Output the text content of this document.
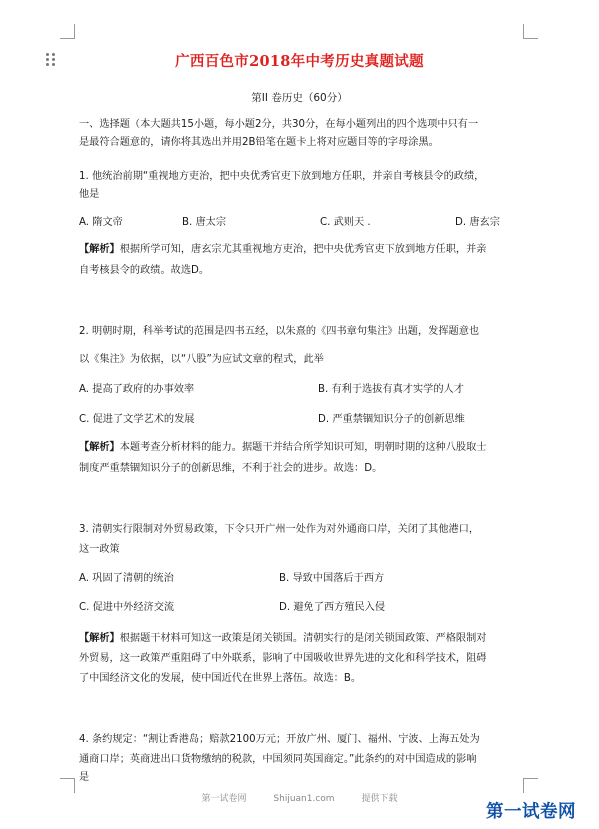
广西百色市2018年中考历史真题试题
第II 卷历史（60分）
一、选择题（本大题共15小题，每小题2分，共30分，在每小题列出的四个选项中只有一
是最符合题意的，请你将其选出并用2B铅笔在题卡上将对应题目等的字母涂黑。
1. 他统治前期“重视地方吏治，把中央优秀官吏下放到地方任职，并亲自考核县令的政绩，
他是
A. 隋文帝	B. 唐太宗	C. 武则天 .	D. 唐玄宗
【解析】根据所学可知，唐玄宗尤其重视地方吏治，把中央优秀官吏下放到地方任职，并亲
自考核县令的政绩。故选D。
2. 明朝时期，科举考试的范围是四书五经，以朱熹的《四书章句集注》出题，发挥题意也
以《集注》为依据，以“八股”为应试文章的程式，此举
A. 提高了政府的办事效率	B. 有利于选拔有真才实学的人才
C. 促进了文学艺术的发展	D. 严重禁锢知识分子的创新思维
【解析】本题考查分析材料的能力。据题干并结合所学知识可知，明朝时期的这种八股取士
制度严重禁锢知识分子的创新思维，不利于社会的进步。故选：D。
3. 清朝实行限制对外贸易政策，下令只开广州一处作为对外通商口岸，关闭了其他港口，
这一政策
A. 巩固了清朝的统治	B. 导致中国落后于西方
C. 促进中外经济交流	D. 避免了西方殖民入侵
【解析】根据题干材料可知这一政策是闭关锁国。清朝实行的是闭关锁国政策、严格限制对
外贸易，这一政策严重阻碍了中外联系，影响了中国吸收世界先进的文化和科学技术，阻碍
了中国经济文化的发展，使中国近代在世界上落伍。故选：B。
4. 条约规定：“割让香港岛；赔款2100万元；开放广州、厦门、福州、宁波、上海五处为
通商口岸；英商进出口货物缴纳的税款，中国须同英国商定。”此条约的对中国造成的影响
是
第一试卷网	Shijuan1.com	提供下载
第一试卷网
